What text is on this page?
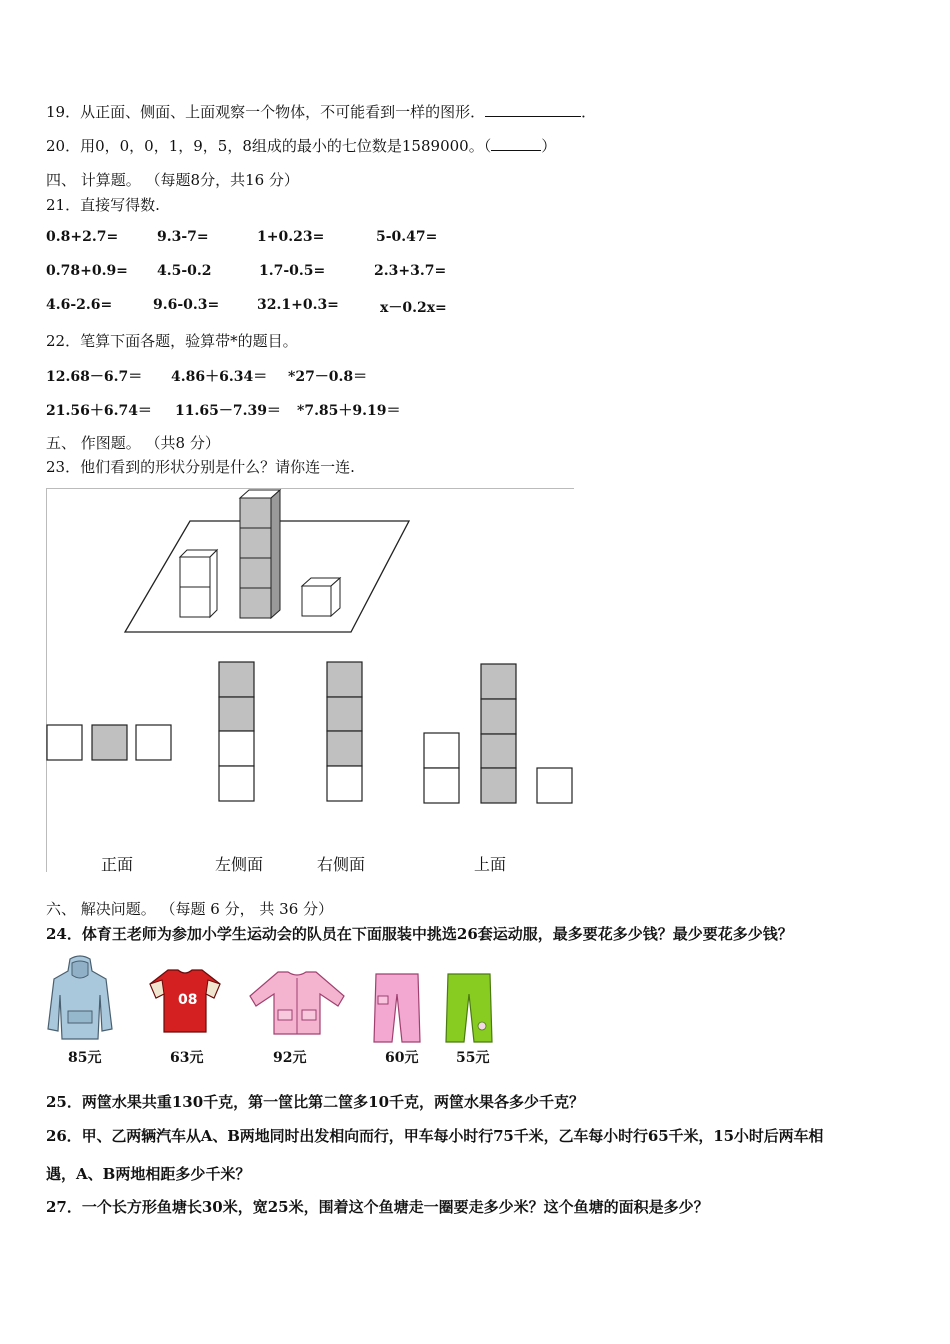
19．从正面、侧面、上面观察一个物体，不可能看到一样的图形．	．
20．用0，0，0，1，9，5，8组成的最小的七位数是1589000。（	）
四、 计算题。 （每题8分，共16 分）
21．直接写得数.
0.8+2.7=	9.3-7=	1+0.23=	5-0.47=
0.78+0.9= 4.5-0.2	1.7-0.5=	2.3+3.7=
4.6-2.6=	9.6-0.3=	32.1+0.3=	x－0.2x=
22．笔算下面各题，验算带*的题目。
12.68－6.7＝ 4.86＋6.34＝ *27－0.8＝
21.56＋6.74＝ 11.65－7.39＝ *7.85＋9.19＝
五、 作图题。 （共8 分）
23．他们看到的形状分别是什么？请你连一连.
正面	左侧面	右侧面	上面
六、 解决问题。 （每题 6 分， 共 36 分）
24．体育王老师为参加小学生运动会的队员在下面服装中挑选26套运动服，最多要花多少钱？最少要花多少钱？
08
85元	63元	92元	60元	55元
25．两筐水果共重130千克，第一筐比第二筐多10千克，两筐水果各多少千克？
26．甲、乙两辆汽车从A、B两地同时出发相向而行，甲车每小时行75千米，乙车每小时行65千米，15小时后两车相
遇，A、B两地相距多少千米？
27．一个长方形鱼塘长30米，宽25米，围着这个鱼塘走一圈要走多少米？这个鱼塘的面积是多少？
